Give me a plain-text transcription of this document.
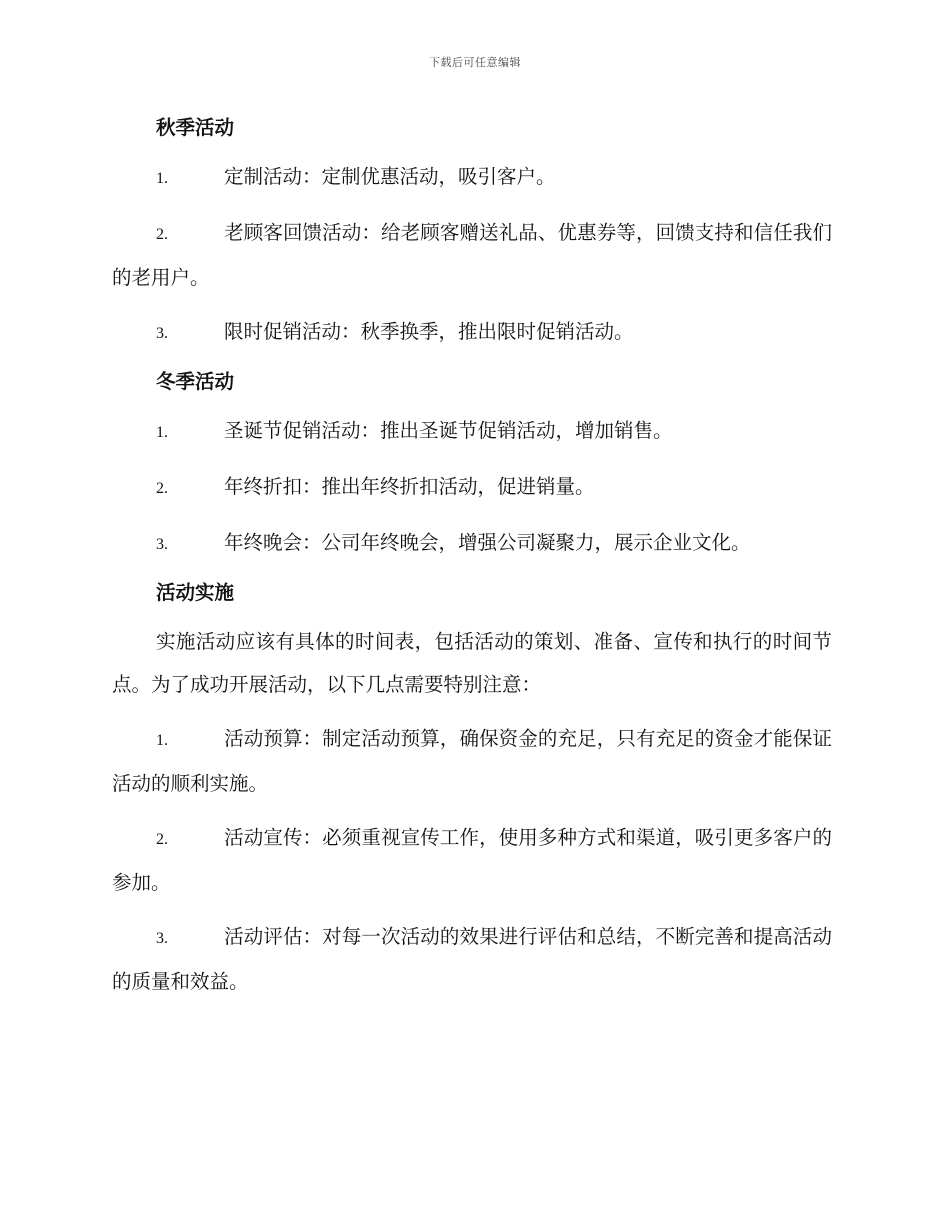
下载后可任意编辑
秋季活动
1.	定制活动：定制优惠活动，吸引客户。
2.	老顾客回馈活动：给老顾客赠送礼品、优惠券等，回馈支持和信任我们的老用户。
3.	限时促销活动：秋季换季，推出限时促销活动。
冬季活动
1.	圣诞节促销活动：推出圣诞节促销活动，增加销售。
2.	年终折扣：推出年终折扣活动，促进销量。
3.	年终晚会：公司年终晚会，增强公司凝聚力，展示企业文化。
活动实施
实施活动应该有具体的时间表，包括活动的策划、准备、宣传和执行的时间节点。为了成功开展活动，以下几点需要特别注意：
1.	活动预算：制定活动预算，确保资金的充足，只有充足的资金才能保证活动的顺利实施。
2.	活动宣传：必须重视宣传工作，使用多种方式和渠道，吸引更多客户的参加。
3.	活动评估：对每一次活动的效果进行评估和总结，不断完善和提高活动的质量和效益。
